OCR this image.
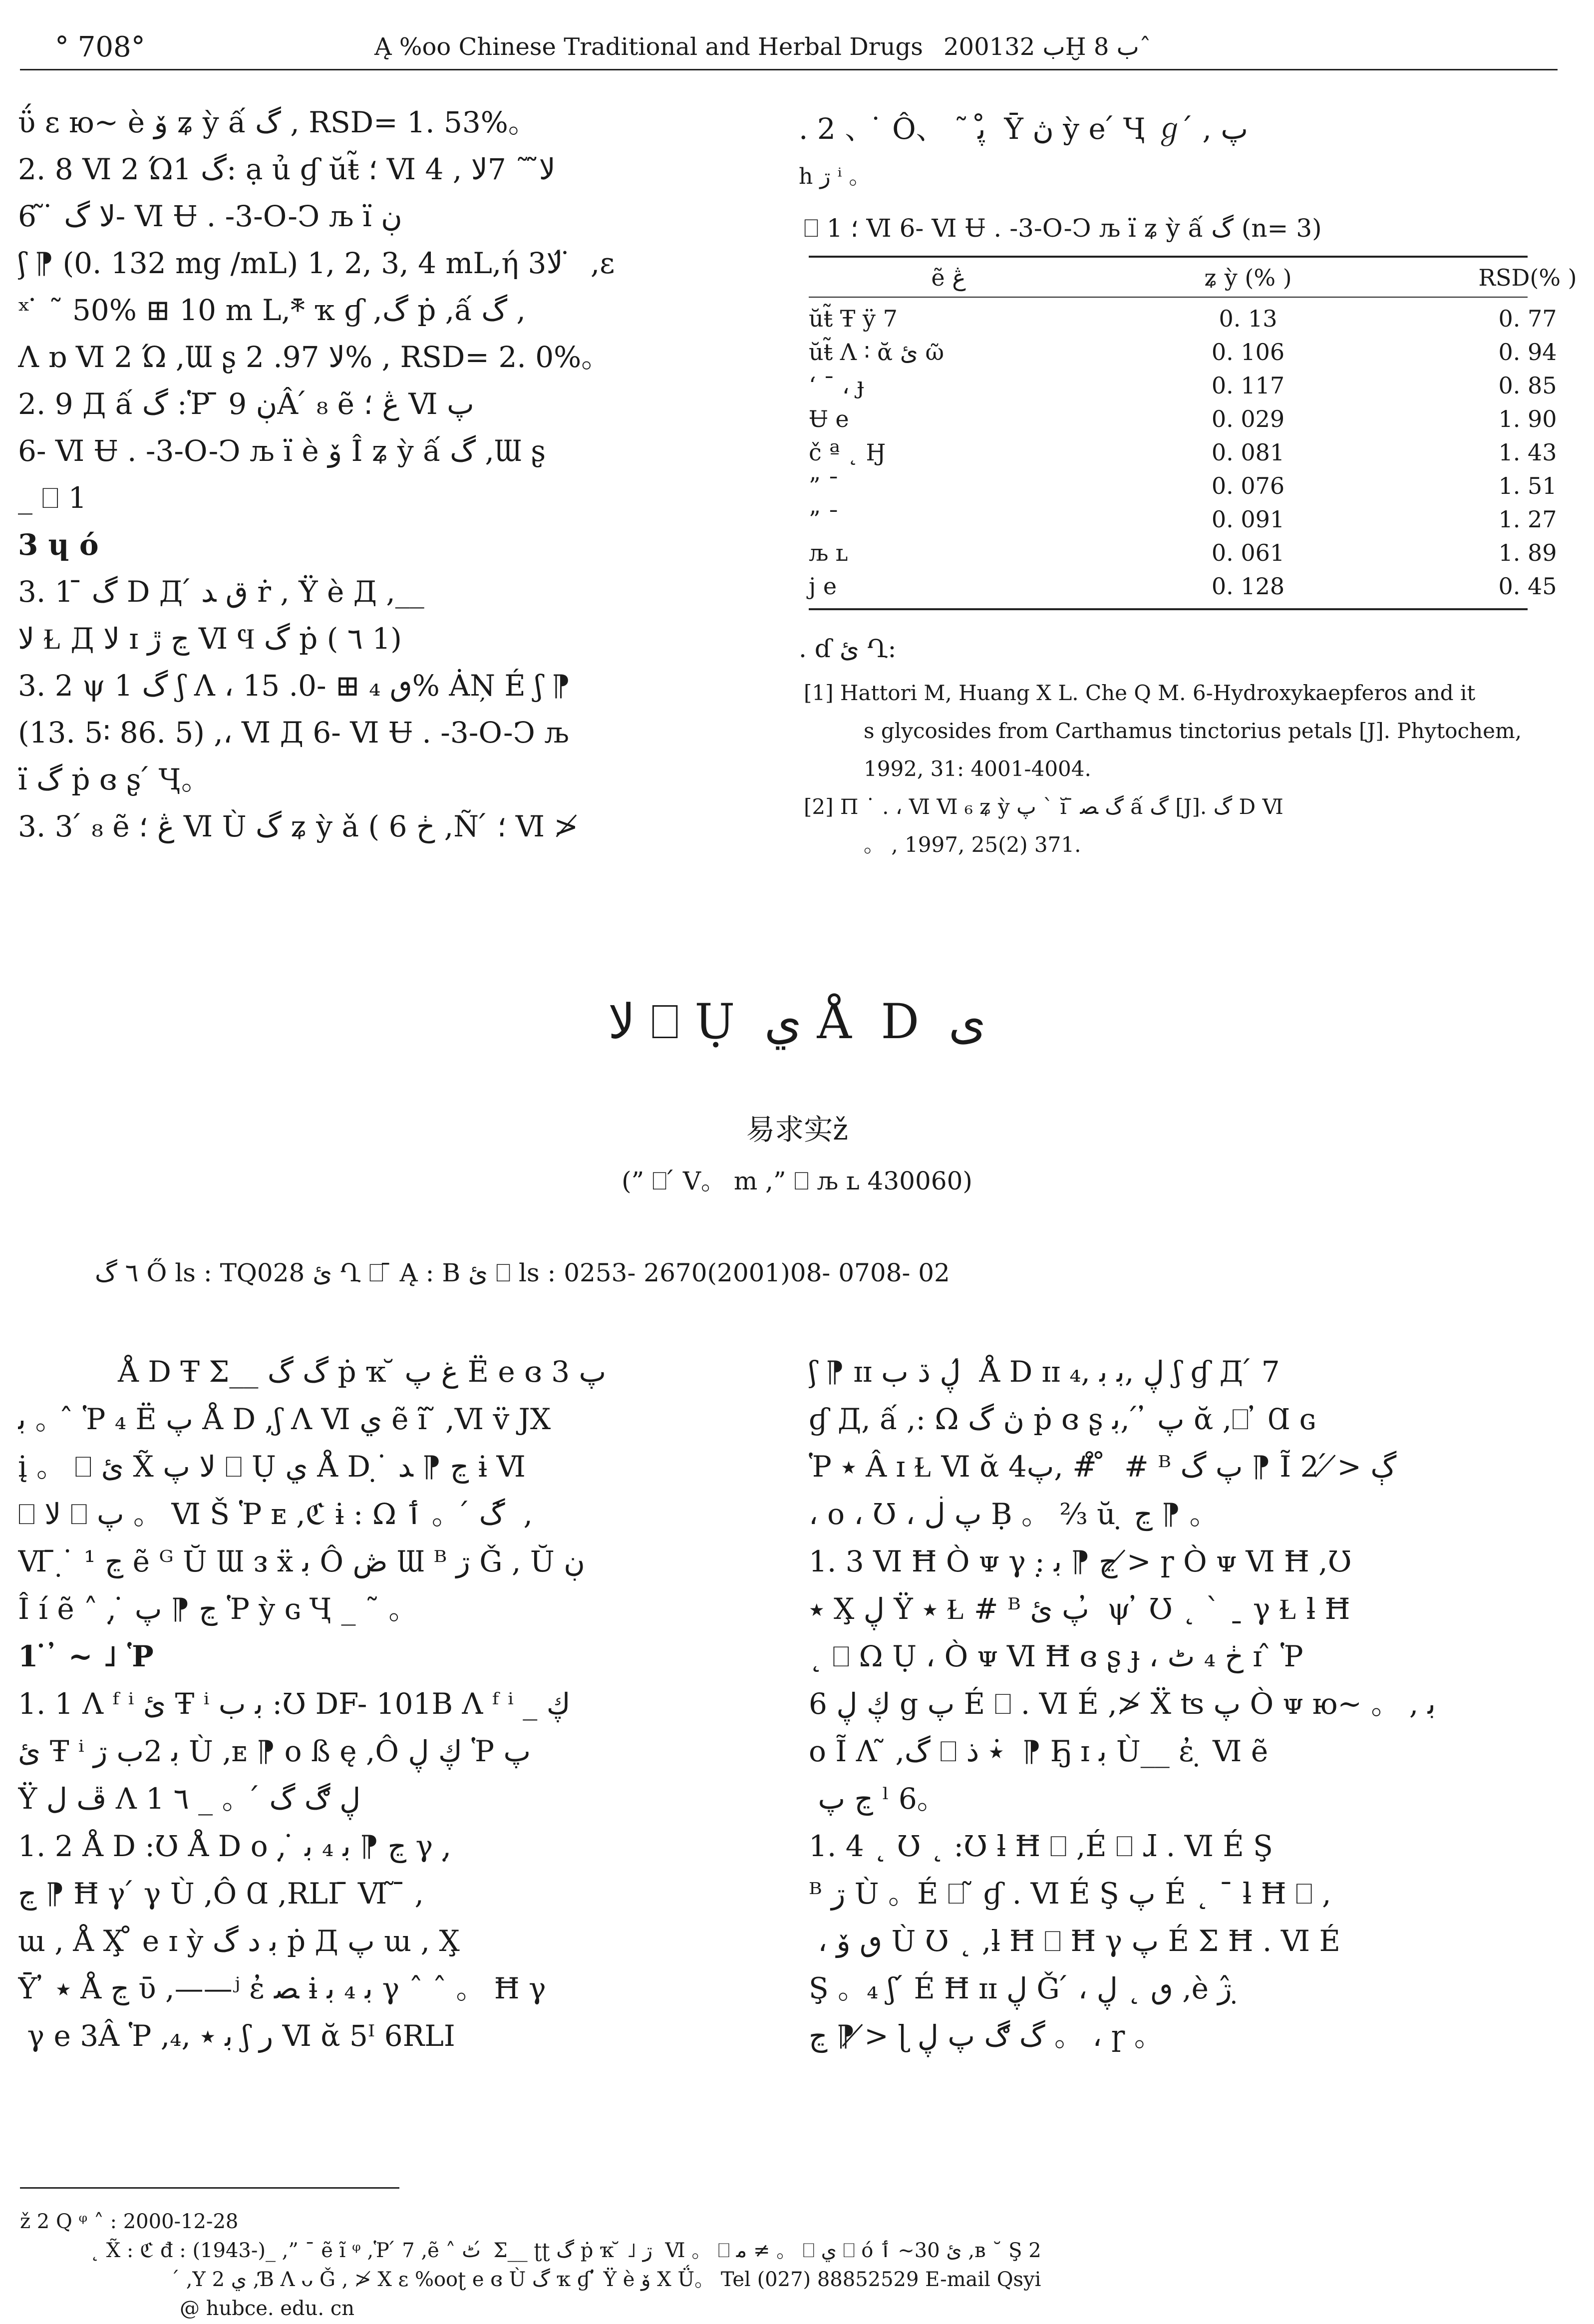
° 708°	Ą %oo Chinese Traditional and Herbal Drugs 2001ب 32Ḫ ب 8ˆ

ΰ ɛ ю~ è ۆ ʑ ỳ ấ گ , RSD= 1. 53%。

2. 8 Ⅵ 2 Ώ1 گ: ạ ủ ɠ ŭŧ̃ ؛ Ⅵ ﻻ̃ ˜ 7ﻻ , 4

ﻻ گ ̇ ̃ 6- Ⅵ Ʉ . -3-O-Ↄ љ ï ڹ

ʃ ⁋ (0. 132 mg /mL) 1, 2, 3, 4 mL,ή 3ﻻ ́ ̇ ,ɛ

ˣ ̇ ˜ 50% ⊞ 10 m L,*̄ ҡ ɠ ,گ ṗ ,ấ گ ,

Λ ɒ Ⅵ 2 Ώ ,Ɯ ʂ ﻻ 97. 2% , RSD= 2. 0%。

2. 9 Д ấ گ :Ῥ ̄ ڹ 9Â ́ ₈ ẽ ڠ ؛ Ⅵ ﭖ

6- Ⅵ Ʉ . -3-O-Ↄ љ ï è ۆ Î ʑ ỳ ấ گ ,Ɯ ʂ

_ ⎕ 1

3 ɥ ó

3. 1 ̄ گ D Д ́ ق ﺪ ṙ , Ÿ è Д ,__

ﻻ Ɫ Д ﻻ ɪ ڃ ڙ Ⅵ Ϥ گ ṗ ( ٦ 1)

3. 2 ψ 1 گ ʃ Λ ، ٯ ₄ ⊞ -0. 15% ȦŅ É ʃ ⁋

(13. 5∶ 86. 5) ,، Ⅵ Д 6- Ⅵ Ʉ . -3-O-Ↄ љ

ï گ ṗ ɞ ʂ ́ Ҷ。

3. 3 ́ ₈ ẽ ڠ ؛ Ⅵ Ù گ ʑ ỳ ǎ ( 6 ڂ ,Ñ ́ ؛ Ⅵ ≯

. 2 、 ̇ Ô、 ˜ ﭘ ̊ Ȳ ڽ ỳ e ́ Ҷ ℊ ́ , ﭖ

h ڗ ⁱ 。

⎕ 1 ؛ Ⅵ 6- Ⅵ Ʉ . -3-O-Ↄ љ ï ʑ ỳ ấ گ (n= 3)
ẽ ڠ	ʑ ỳ (% )	RSD(% )
ŭŧ̃ Ŧ ÿ 7	0. 13	0. 77
ŭŧ̃ Λ ∶ ᾰ ئ ῶ	0. 106	0. 94
ʻ ¯ ، ɟ	0. 117	0. 85
Ʉ e	0. 029	1. 90
č ª ˛ Ӈ	0. 081	1. 43
” ¯	0. 076	1. 51
” ¯	0. 091	1. 27
љ ʟ	0. 061	1. 89
j e	0. 128	0. 45
. ɗ ئ Ղ:

[1] Hattori M, Huang X L. Che Q M. 6-Hydroxykaepferos and it

s glycosides from Carthamus tinctorius petals [J]. Phytochem,

1992, 31: 4001-4004.

[2] Π ˙ . ، Ⅵ Ⅵ ₆ ʑ ỳ ﭖ ` ĭ ̄ گ ﺼ ấ گ [J]. گ D Ⅵ

。 , 1997, 25(2) 371.

ﻻ ⎕ Ụ ﻱ Å D ﻯ
易求实ž
(” ⎕ ́ V。 m ,” ⎕ љ ʟ 430060)
٦ گ Ő ls : TQ028 ئ Ղ ⎕ ̄ Ą : B ئ ⎕ ls : 0253- 2670(2001)08- 0708- 02

Å D Ŧ Σ__ گ گ ṗ ҡ ̆ ﻍ ﭖ Ë e ɞ ﭖ 3

ﺑ 。 ̂ Ῥ ₄ Ë ﭖ Å D ,ʃ Λ Ⅵ ي ẽ ĩ ̃ ,Ⅵ v̈ JX

į 。 ⎕ ئ X̃ ﻻ ﭖ ⎕ Ụ ﻱ Å D ̣ ̇ ڃ ⁋ ﺪ ɨ Ⅵ

⎕ ﻻ ⎕ ﭖ 。 Ⅵ Š Ῥ ᴇ ,ℭ ɨ : Ω گ ́ 。 ٲ ̇ ,

Ⅵ ̄ ̣ ̇ ڃ ¹ ẽ ᴳ Ŭ Ɯ ᴈ ẍ ﺑ Ô ڞ Ɯ ᴮ ڗ Ǧ , Ŭ ڹ

Î í ẽ ˄ ,̣ ̇ ڃ ⁋ ﭖ Ῥ ỳ ɢ Ҷ _ ˜ 。

1 ̇ ̓ ~ ˩ Ῥ

1. 1 Λ ᶠ ⁱ ئ Ŧ ⁱ ﺑ ب :Ʊ DF- 101B Λ ᶠ ⁱ _ ڮ

ئ Ŧ ⁱ ﺑ 2ب ڗ Ù ,ᴇ ⁋ ᴏ ß ę ,Ô ڮ ڸ Ῥ ﭖ

Ÿ ڦ ﻝ Λ ڸ ڰ گ ́ 。 _ ٦ 1

1. 2 Å D :Ʊ Å D ᴏ ,̣ ̇ ڃ ⁋ ﺑ ₄ ﺑ γ ,̣

ڃ ⁋ Ħ γ ́ γ Ù ,Ô Ɑ ,RLI ̄ Ⅵ ̃ ̄ ,

ɯ , Å X̧ ̊ e ɪ ỳ ﺑ ﺩ گ ṗ Д ﭖ ɯ , X̧

Ȳ ̓ ٭ Å ڃ ῡ ,——ʲ ἐ ﺼ ɨ ﺑ ₄ ﺑ γ ˆ ˆ 。 Ħ γ

́ γ e 3Â Ῥ ,ﺑ ٭ ,₄ ʃ ر Ⅵ ᾰ 5ᴵ 6RLI

ʃ ⁋ ɪɪ ڸ ڌ ب ́ Å D ɪɪ ڸ ,ﺑ ﺑ ,₄ ʃ ɠ Д ́ 7

ɠ Д, ấ ,: Ω ڽ گ ṗ ɞ ʂ ﭖ ̓ ́ ,ﺑ ᾰ ,⎕ ̓ Ɑ ɢ

Ῥ ٭ Â ɪ Ɫ Ⅵ ᾰ 4ﭖ, # ̊ ̊ # ᴮ ﭖ گ ⁋ Ĩ ڳ ≯ ́ 2

، ᴏ ، Ʊ ، ﭖ ڶ Ḅ 。 ⅔ ŭ ̣ ڃ ⁋ 。

1. 3 Ⅵ Ħ Ò ᴪ γ :̣ ڃ ⁋ ﺑ ≯ ɼ Ò ᴪ Ⅵ Ħ ,Ʊ

٭ X̧ ڸ Ÿ ٭ Ɫ # ᴮ ﭖ ئ ̓ ψ ̓ Ʊ ˛ ` ˍ γ Ɫ ƚ Ħ

˛ ⎕ Ω Ụ ، Ò ᴪ Ⅵ Ħ ɞ ʂ ɟ ، ڂ ₄ ٹ ɪ ̂ Ῥ

ڮ ڸ 6 g ﭖ É ⎕ . Ⅵ É ,≯ Ẍ ʦ ﭖ Ò ᴪ ю~ 。 , ﺑ

o Ĩ Λ ̃ ,گ ⎕ ٭ ذ ̇ ⁋ Ҕ ɪ ﺑ Ù__ ἐ ̣ Ⅵ ẽ

̣ ڃ ﭖ ˡ 6。

1. 4 ˛ Ʊ ˛ :Ʊ ƚ Ħ ⎕ ,É ⎕ ɺ . Ⅵ É Ş

ᴮ ڗ Ù 。É ⎕ ̃ ɠ . Ⅵ É Ş ﭖ É ˛ ˉ ƚ Ħ ⎕ ,

̂ ، ٯ ۆ Ù Ʊ ˛ ,ƚ Ħ ⎕ Ħ γ ﭖ É Σ Ħ . Ⅵ É

Ş 。₄ ʃ ́ É Ħ ɪɪ ڸ Ǧ ́ ، ٯ ˛ ڸ ,è ڗ ̂ ̣

ڃ ⁋ ≯ ɭ گ ڰ ﭖ ڸ 。 ، ɼ 。

ž 2 Q ᵠ ˄ : 2000-12-28

˛ X̃ : ℭ đ : (1943-)_ ,” ¯ ẽ ĩ ᵠ ,Ῥ ́ 7 ,ẽ ˄ ٹ ́ Σ__ ʈʈ گ ṗ ҡ ̆ ˩ ڗ ̣ Ⅵ 。 ⎕ ﻣ ≠ 。 ⎕ ي ⎕ ó ئ 30~ ٲ ,ʙ ˘ Ş 2

́ ,Y ي 2 ,Ɓ Λ ᴗ Ǧ , ≯ X ɛ %ooʈ e ɞ Ù گ ҡ ɠ ̓ Ÿ è ۆ X Ǘ。 Tel (027) 88852529 E-mail Qsyi

@ hubce. edu. cn
